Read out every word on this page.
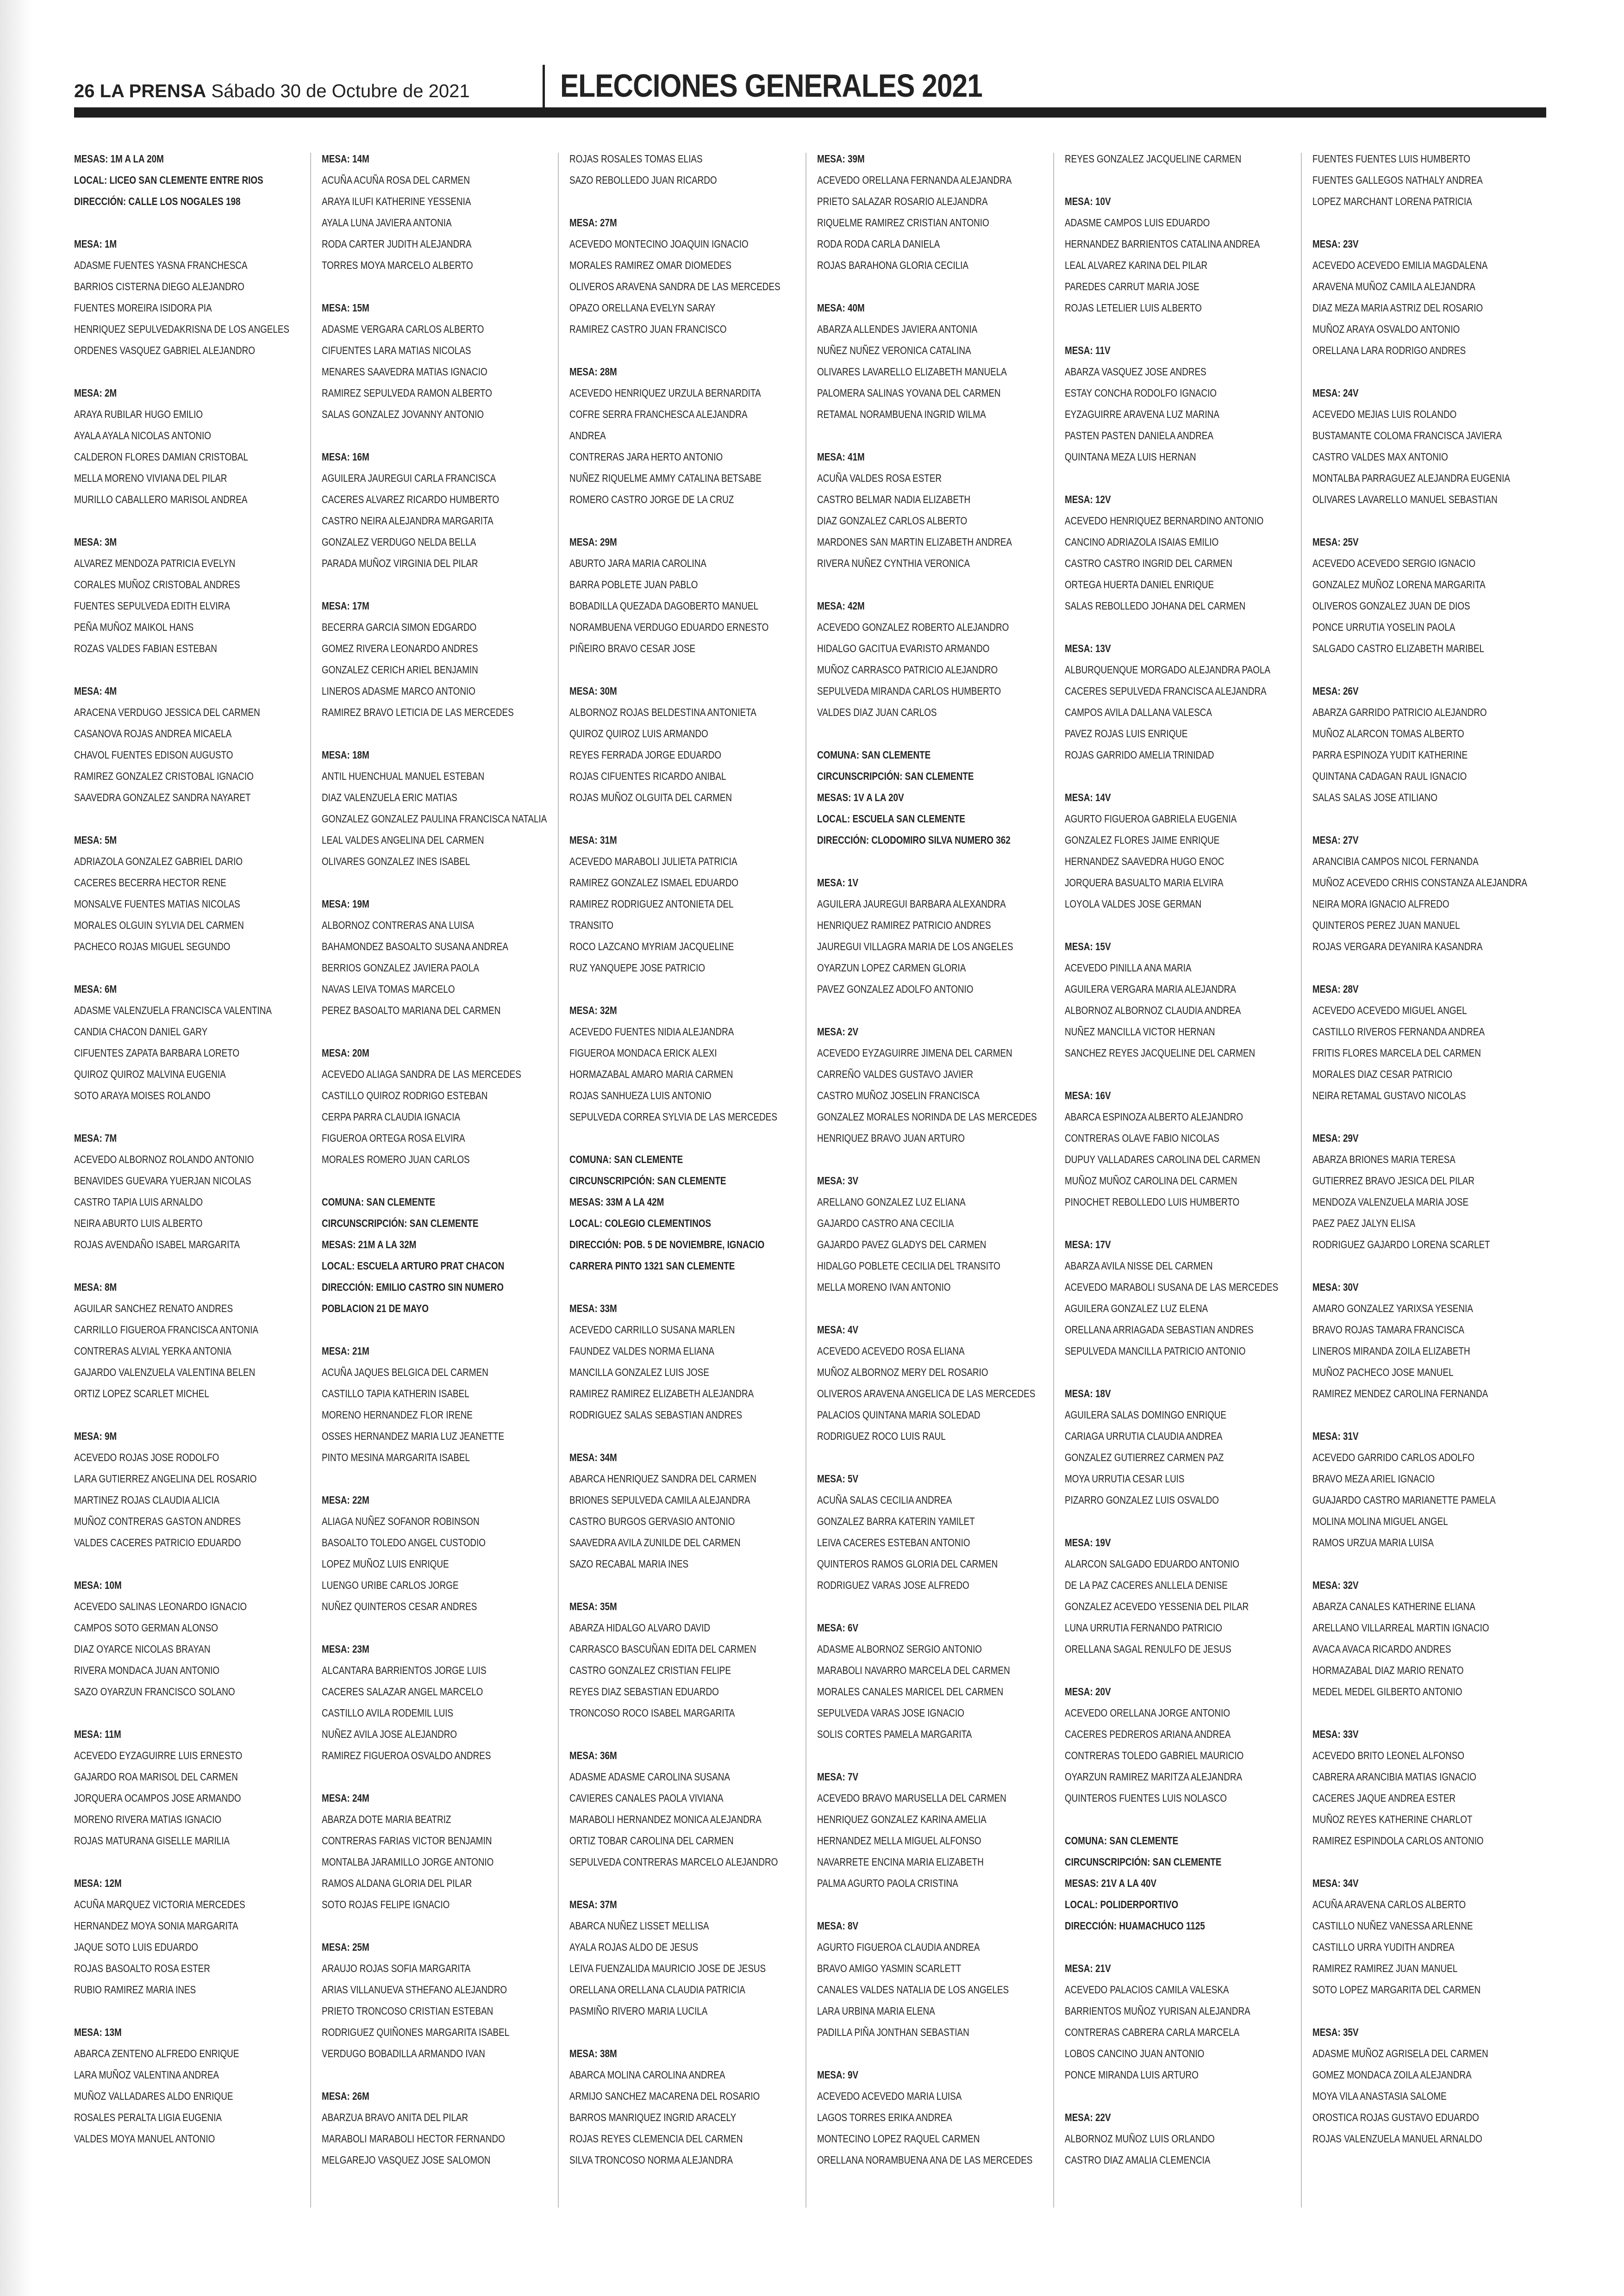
26 LA PRENSA Sábado 30 de Octubre de 2021	ELECCIONES GENERALES 2021
MESAS: 1M A LA 20M
LOCAL: LICEO SAN CLEMENTE ENTRE RIOS
DIRECCIÓN: CALLE LOS NOGALES 198
MESA: 1M
ADASME FUENTES YASNA FRANCHESCA
BARRIOS CISTERNA DIEGO ALEJANDRO
FUENTES MOREIRA ISIDORA PIA
HENRIQUEZ SEPULVEDAKRISNA DE LOS ANGELES
ORDENES VASQUEZ GABRIEL ALEJANDRO
MESA: 2M
ARAYA RUBILAR HUGO EMILIO
AYALA AYALA NICOLAS ANTONIO
CALDERON FLORES DAMIAN CRISTOBAL
MELLA MORENO VIVIANA DEL PILAR
MURILLO CABALLERO MARISOL ANDREA
MESA: 3M
ALVAREZ MENDOZA PATRICIA EVELYN
CORALES MUÑOZ CRISTOBAL ANDRES
FUENTES SEPULVEDA EDITH ELVIRA
PEÑA MUÑOZ MAIKOL HANS
ROZAS VALDES FABIAN ESTEBAN
MESA: 4M
ARACENA VERDUGO JESSICA DEL CARMEN
CASANOVA ROJAS ANDREA MICAELA
CHAVOL FUENTES EDISON AUGUSTO
RAMIREZ GONZALEZ CRISTOBAL IGNACIO
SAAVEDRA GONZALEZ SANDRA NAYARET
MESA: 5M
ADRIAZOLA GONZALEZ GABRIEL DARIO
CACERES BECERRA HECTOR RENE
MONSALVE FUENTES MATIAS NICOLAS
MORALES OLGUIN SYLVIA DEL CARMEN
PACHECO ROJAS MIGUEL SEGUNDO
MESA: 6M
ADASME VALENZUELA FRANCISCA VALENTINA
CANDIA CHACON DANIEL GARY
CIFUENTES ZAPATA BARBARA LORETO
QUIROZ QUIROZ MALVINA EUGENIA
SOTO ARAYA MOISES ROLANDO
MESA: 7M
ACEVEDO ALBORNOZ ROLANDO ANTONIO
BENAVIDES GUEVARA YUERJAN NICOLAS
CASTRO TAPIA LUIS ARNALDO
NEIRA ABURTO LUIS ALBERTO
ROJAS AVENDAÑO ISABEL MARGARITA
MESA: 8M
AGUILAR SANCHEZ RENATO ANDRES
CARRILLO FIGUEROA FRANCISCA ANTONIA
CONTRERAS ALVIAL YERKA ANTONIA
GAJARDO VALENZUELA VALENTINA BELEN
ORTIZ LOPEZ SCARLET MICHEL
MESA: 9M
ACEVEDO ROJAS JOSE RODOLFO
LARA GUTIERREZ ANGELINA DEL ROSARIO
MARTINEZ ROJAS CLAUDIA ALICIA
MUÑOZ CONTRERAS GASTON ANDRES
VALDES CACERES PATRICIO EDUARDO
MESA: 10M
ACEVEDO SALINAS LEONARDO IGNACIO
CAMPOS SOTO GERMAN ALONSO
DIAZ OYARCE NICOLAS BRAYAN
RIVERA MONDACA JUAN ANTONIO
SAZO OYARZUN FRANCISCO SOLANO
MESA: 11M
ACEVEDO EYZAGUIRRE LUIS ERNESTO
GAJARDO ROA MARISOL DEL CARMEN
JORQUERA OCAMPOS JOSE ARMANDO
MORENO RIVERA MATIAS IGNACIO
ROJAS MATURANA GISELLE MARILIA
MESA: 12M
ACUÑA MARQUEZ VICTORIA MERCEDES
HERNANDEZ MOYA SONIA MARGARITA
JAQUE SOTO LUIS EDUARDO
ROJAS BASOALTO ROSA ESTER
RUBIO RAMIREZ MARIA INES
MESA: 13M
ABARCA ZENTENO ALFREDO ENRIQUE
LARA MUÑOZ VALENTINA ANDREA
MUÑOZ VALLADARES ALDO ENRIQUE
ROSALES PERALTA LIGIA EUGENIA
VALDES MOYA MANUEL ANTONIO
MESA: 14M
ACUÑA ACUÑA ROSA DEL CARMEN
ARAYA ILUFI KATHERINE YESSENIA
AYALA LUNA JAVIERA ANTONIA
RODA CARTER JUDITH ALEJANDRA
TORRES MOYA MARCELO ALBERTO
MESA: 15M
ADASME VERGARA CARLOS ALBERTO
CIFUENTES LARA MATIAS NICOLAS
MENARES SAAVEDRA MATIAS IGNACIO
RAMIREZ SEPULVEDA RAMON ALBERTO
SALAS GONZALEZ JOVANNY ANTONIO
MESA: 16M
AGUILERA JAUREGUI CARLA FRANCISCA
CACERES ALVAREZ RICARDO HUMBERTO
CASTRO NEIRA ALEJANDRA MARGARITA
GONZALEZ VERDUGO NELDA BELLA
PARADA MUÑOZ VIRGINIA DEL PILAR
MESA: 17M
BECERRA GARCIA SIMON EDGARDO
GOMEZ RIVERA LEONARDO ANDRES
GONZALEZ CERICH ARIEL BENJAMIN
LINEROS ADASME MARCO ANTONIO
RAMIREZ BRAVO LETICIA DE LAS MERCEDES
MESA: 18M
ANTIL HUENCHUAL MANUEL ESTEBAN
DIAZ VALENZUELA ERIC MATIAS
GONZALEZ GONZALEZ PAULINA FRANCISCA NATALIA
LEAL VALDES ANGELINA DEL CARMEN
OLIVARES GONZALEZ INES ISABEL
MESA: 19M
ALBORNOZ CONTRERAS ANA LUISA
BAHAMONDEZ BASOALTO SUSANA ANDREA
BERRIOS GONZALEZ JAVIERA PAOLA
NAVAS LEIVA TOMAS MARCELO
PEREZ BASOALTO MARIANA DEL CARMEN
MESA: 20M
ACEVEDO ALIAGA SANDRA DE LAS MERCEDES
CASTILLO QUIROZ RODRIGO ESTEBAN
CERPA PARRA CLAUDIA IGNACIA
FIGUEROA ORTEGA ROSA ELVIRA
MORALES ROMERO JUAN CARLOS
COMUNA: SAN CLEMENTE
CIRCUNSCRIPCIÓN: SAN CLEMENTE
MESAS: 21M A LA 32M
LOCAL: ESCUELA ARTURO PRAT CHACON
DIRECCIÓN: EMILIO CASTRO SIN NUMERO
POBLACION 21 DE MAYO
MESA: 21M
ACUÑA JAQUES BELGICA DEL CARMEN
CASTILLO TAPIA KATHERIN ISABEL
MORENO HERNANDEZ FLOR IRENE
OSSES HERNANDEZ MARIA LUZ JEANETTE
PINTO MESINA MARGARITA ISABEL
MESA: 22M
ALIAGA NUÑEZ SOFANOR ROBINSON
BASOALTO TOLEDO ANGEL CUSTODIO
LOPEZ MUÑOZ LUIS ENRIQUE
LUENGO URIBE CARLOS JORGE
NUÑEZ QUINTEROS CESAR ANDRES
MESA: 23M
ALCANTARA BARRIENTOS JORGE LUIS
CACERES SALAZAR ANGEL MARCELO
CASTILLO AVILA RODEMIL LUIS
NUÑEZ AVILA JOSE ALEJANDRO
RAMIREZ FIGUEROA OSVALDO ANDRES
MESA: 24M
ABARZA DOTE MARIA BEATRIZ
CONTRERAS FARIAS VICTOR BENJAMIN
MONTALBA JARAMILLO JORGE ANTONIO
RAMOS ALDANA GLORIA DEL PILAR
SOTO ROJAS FELIPE IGNACIO
MESA: 25M
ARAUJO ROJAS SOFIA MARGARITA
ARIAS VILLANUEVA STHEFANO ALEJANDRO
PRIETO TRONCOSO CRISTIAN ESTEBAN
RODRIGUEZ QUIÑONES MARGARITA ISABEL
VERDUGO BOBADILLA ARMANDO IVAN
MESA: 26M
ABARZUA BRAVO ANITA DEL PILAR
MARABOLI MARABOLI HECTOR FERNANDO
MELGAREJO VASQUEZ JOSE SALOMON
ROJAS ROSALES TOMAS ELIAS
SAZO REBOLLEDO JUAN RICARDO
MESA: 27M
ACEVEDO MONTECINO JOAQUIN IGNACIO
MORALES RAMIREZ OMAR DIOMEDES
OLIVEROS ARAVENA SANDRA DE LAS MERCEDES
OPAZO ORELLANA EVELYN SARAY
RAMIREZ CASTRO JUAN FRANCISCO
MESA: 28M
ACEVEDO HENRIQUEZ URZULA BERNARDITA
COFRE SERRA FRANCHESCA ALEJANDRA
ANDREA
CONTRERAS JARA HERTO ANTONIO
NUÑEZ RIQUELME AMMY CATALINA BETSABE
ROMERO CASTRO JORGE DE LA CRUZ
MESA: 29M
ABURTO JARA MARIA CAROLINA
BARRA POBLETE JUAN PABLO
BOBADILLA QUEZADA DAGOBERTO MANUEL
NORAMBUENA VERDUGO EDUARDO ERNESTO
PIÑEIRO BRAVO CESAR JOSE
MESA: 30M
ALBORNOZ ROJAS BELDESTINA ANTONIETA
QUIROZ QUIROZ LUIS ARMANDO
REYES FERRADA JORGE EDUARDO
ROJAS CIFUENTES RICARDO ANIBAL
ROJAS MUÑOZ OLGUITA DEL CARMEN
MESA: 31M
ACEVEDO MARABOLI JULIETA PATRICIA
RAMIREZ GONZALEZ ISMAEL EDUARDO
RAMIREZ RODRIGUEZ ANTONIETA DEL
TRANSITO
ROCO LAZCANO MYRIAM JACQUELINE
RUZ YANQUEPE JOSE PATRICIO
MESA: 32M
ACEVEDO FUENTES NIDIA ALEJANDRA
FIGUEROA MONDACA ERICK ALEXI
HORMAZABAL AMARO MARIA CARMEN
ROJAS SANHUEZA LUIS ANTONIO
SEPULVEDA CORREA SYLVIA DE LAS MERCEDES
COMUNA: SAN CLEMENTE
CIRCUNSCRIPCIÓN: SAN CLEMENTE
MESAS: 33M A LA 42M
LOCAL: COLEGIO CLEMENTINOS
DIRECCIÓN: POB. 5 DE NOVIEMBRE, IGNACIO
CARRERA PINTO 1321 SAN CLEMENTE
MESA: 33M
ACEVEDO CARRILLO SUSANA MARLEN
FAUNDEZ VALDES NORMA ELIANA
MANCILLA GONZALEZ LUIS JOSE
RAMIREZ RAMIREZ ELIZABETH ALEJANDRA
RODRIGUEZ SALAS SEBASTIAN ANDRES
MESA: 34M
ABARCA HENRIQUEZ SANDRA DEL CARMEN
BRIONES SEPULVEDA CAMILA ALEJANDRA
CASTRO BURGOS GERVASIO ANTONIO
SAAVEDRA AVILA ZUNILDE DEL CARMEN
SAZO RECABAL MARIA INES
MESA: 35M
ABARZA HIDALGO ALVARO DAVID
CARRASCO BASCUÑAN EDITA DEL CARMEN
CASTRO GONZALEZ CRISTIAN FELIPE
REYES DIAZ SEBASTIAN EDUARDO
TRONCOSO ROCO ISABEL MARGARITA
MESA: 36M
ADASME ADASME CAROLINA SUSANA
CAVIERES CANALES PAOLA VIVIANA
MARABOLI HERNANDEZ MONICA ALEJANDRA
ORTIZ TOBAR CAROLINA DEL CARMEN
SEPULVEDA CONTRERAS MARCELO ALEJANDRO
MESA: 37M
ABARCA NUÑEZ LISSET MELLISA
AYALA ROJAS ALDO DE JESUS
LEIVA FUENZALIDA MAURICIO JOSE DE JESUS
ORELLANA ORELLANA CLAUDIA PATRICIA
PASMIÑO RIVERO MARIA LUCILA
MESA: 38M
ABARCA MOLINA CAROLINA ANDREA
ARMIJO SANCHEZ MACARENA DEL ROSARIO
BARROS MANRIQUEZ INGRID ARACELY
ROJAS REYES CLEMENCIA DEL CARMEN
SILVA TRONCOSO NORMA ALEJANDRA
MESA: 39M
ACEVEDO ORELLANA FERNANDA ALEJANDRA
PRIETO SALAZAR ROSARIO ALEJANDRA
RIQUELME RAMIREZ CRISTIAN ANTONIO
RODA RODA CARLA DANIELA
ROJAS BARAHONA GLORIA CECILIA
MESA: 40M
ABARZA ALLENDES JAVIERA ANTONIA
NUÑEZ NUÑEZ VERONICA CATALINA
OLIVARES LAVARELLO ELIZABETH MANUELA
PALOMERA SALINAS YOVANA DEL CARMEN
RETAMAL NORAMBUENA INGRID WILMA
MESA: 41M
ACUÑA VALDES ROSA ESTER
CASTRO BELMAR NADIA ELIZABETH
DIAZ GONZALEZ CARLOS ALBERTO
MARDONES SAN MARTIN ELIZABETH ANDREA
RIVERA NUÑEZ CYNTHIA VERONICA
MESA: 42M
ACEVEDO GONZALEZ ROBERTO ALEJANDRO
HIDALGO GACITUA EVARISTO ARMANDO
MUÑOZ CARRASCO PATRICIO ALEJANDRO
SEPULVEDA MIRANDA CARLOS HUMBERTO
VALDES DIAZ JUAN CARLOS
COMUNA: SAN CLEMENTE
CIRCUNSCRIPCIÓN: SAN CLEMENTE
MESAS: 1V A LA 20V
LOCAL: ESCUELA SAN CLEMENTE
DIRECCIÓN: CLODOMIRO SILVA NUMERO 362
MESA: 1V
AGUILERA JAUREGUI BARBARA ALEXANDRA
HENRIQUEZ RAMIREZ PATRICIO ANDRES
JAUREGUI VILLAGRA MARIA DE LOS ANGELES
OYARZUN LOPEZ CARMEN GLORIA
PAVEZ GONZALEZ ADOLFO ANTONIO
MESA: 2V
ACEVEDO EYZAGUIRRE JIMENA DEL CARMEN
CARREÑO VALDES GUSTAVO JAVIER
CASTRO MUÑOZ JOSELIN FRANCISCA
GONZALEZ MORALES NORINDA DE LAS MERCEDES
HENRIQUEZ BRAVO JUAN ARTURO
MESA: 3V
ARELLANO GONZALEZ LUZ ELIANA
GAJARDO CASTRO ANA CECILIA
GAJARDO PAVEZ GLADYS DEL CARMEN
HIDALGO POBLETE CECILIA DEL TRANSITO
MELLA MORENO IVAN ANTONIO
MESA: 4V
ACEVEDO ACEVEDO ROSA ELIANA
MUÑOZ ALBORNOZ MERY DEL ROSARIO
OLIVEROS ARAVENA ANGELICA DE LAS MERCEDES
PALACIOS QUINTANA MARIA SOLEDAD
RODRIGUEZ ROCO LUIS RAUL
MESA: 5V
ACUÑA SALAS CECILIA ANDREA
GONZALEZ BARRA KATERIN YAMILET
LEIVA CACERES ESTEBAN ANTONIO
QUINTEROS RAMOS GLORIA DEL CARMEN
RODRIGUEZ VARAS JOSE ALFREDO
MESA: 6V
ADASME ALBORNOZ SERGIO ANTONIO
MARABOLI NAVARRO MARCELA DEL CARMEN
MORALES CANALES MARICEL DEL CARMEN
SEPULVEDA VARAS JOSE IGNACIO
SOLIS CORTES PAMELA MARGARITA
MESA: 7V
ACEVEDO BRAVO MARUSELLA DEL CARMEN
HENRIQUEZ GONZALEZ KARINA AMELIA
HERNANDEZ MELLA MIGUEL ALFONSO
NAVARRETE ENCINA MARIA ELIZABETH
PALMA AGURTO PAOLA CRISTINA
MESA: 8V
AGURTO FIGUEROA CLAUDIA ANDREA
BRAVO AMIGO YASMIN SCARLETT
CANALES VALDES NATALIA DE LOS ANGELES
LARA URBINA MARIA ELENA
PADILLA PIÑA JONTHAN SEBASTIAN
MESA: 9V
ACEVEDO ACEVEDO MARIA LUISA
LAGOS TORRES ERIKA ANDREA
MONTECINO LOPEZ RAQUEL CARMEN
ORELLANA NORAMBUENA ANA DE LAS MERCEDES
REYES GONZALEZ JACQUELINE CARMEN
MESA: 10V
ADASME CAMPOS LUIS EDUARDO
HERNANDEZ BARRIENTOS CATALINA ANDREA
LEAL ALVAREZ KARINA DEL PILAR
PAREDES CARRUT MARIA JOSE
ROJAS LETELIER LUIS ALBERTO
MESA: 11V
ABARZA VASQUEZ JOSE ANDRES
ESTAY CONCHA RODOLFO IGNACIO
EYZAGUIRRE ARAVENA LUZ MARINA
PASTEN PASTEN DANIELA ANDREA
QUINTANA MEZA LUIS HERNAN
MESA: 12V
ACEVEDO HENRIQUEZ BERNARDINO ANTONIO
CANCINO ADRIAZOLA ISAIAS EMILIO
CASTRO CASTRO INGRID DEL CARMEN
ORTEGA HUERTA DANIEL ENRIQUE
SALAS REBOLLEDO JOHANA DEL CARMEN
MESA: 13V
ALBURQUENQUE MORGADO ALEJANDRA PAOLA
CACERES SEPULVEDA FRANCISCA ALEJANDRA
CAMPOS AVILA DALLANA VALESCA
PAVEZ ROJAS LUIS ENRIQUE
ROJAS GARRIDO AMELIA TRINIDAD
MESA: 14V
AGURTO FIGUEROA GABRIELA EUGENIA
GONZALEZ FLORES JAIME ENRIQUE
HERNANDEZ SAAVEDRA HUGO ENOC
JORQUERA BASUALTO MARIA ELVIRA
LOYOLA VALDES JOSE GERMAN
MESA: 15V
ACEVEDO PINILLA ANA MARIA
AGUILERA VERGARA MARIA ALEJANDRA
ALBORNOZ ALBORNOZ CLAUDIA ANDREA
NUÑEZ MANCILLA VICTOR HERNAN
SANCHEZ REYES JACQUELINE DEL CARMEN
MESA: 16V
ABARCA ESPINOZA ALBERTO ALEJANDRO
CONTRERAS OLAVE FABIO NICOLAS
DUPUY VALLADARES CAROLINA DEL CARMEN
MUÑOZ MUÑOZ CAROLINA DEL CARMEN
PINOCHET REBOLLEDO LUIS HUMBERTO
MESA: 17V
ABARZA AVILA NISSE DEL CARMEN
ACEVEDO MARABOLI SUSANA DE LAS MERCEDES
AGUILERA GONZALEZ LUZ ELENA
ORELLANA ARRIAGADA SEBASTIAN ANDRES
SEPULVEDA MANCILLA PATRICIO ANTONIO
MESA: 18V
AGUILERA SALAS DOMINGO ENRIQUE
CARIAGA URRUTIA CLAUDIA ANDREA
GONZALEZ GUTIERREZ CARMEN PAZ
MOYA URRUTIA CESAR LUIS
PIZARRO GONZALEZ LUIS OSVALDO
MESA: 19V
ALARCON SALGADO EDUARDO ANTONIO
DE LA PAZ CACERES ANLLELA DENISE
GONZALEZ ACEVEDO YESSENIA DEL PILAR
LUNA URRUTIA FERNANDO PATRICIO
ORELLANA SAGAL RENULFO DE JESUS
MESA: 20V
ACEVEDO ORELLANA JORGE ANTONIO
CACERES PEDREROS ARIANA ANDREA
CONTRERAS TOLEDO GABRIEL MAURICIO
OYARZUN RAMIREZ MARITZA ALEJANDRA
QUINTEROS FUENTES LUIS NOLASCO
COMUNA: SAN CLEMENTE
CIRCUNSCRIPCIÓN: SAN CLEMENTE
MESAS: 21V A LA 40V
LOCAL: POLIDERPORTIVO
DIRECCIÓN: HUAMACHUCO 1125
MESA: 21V
ACEVEDO PALACIOS CAMILA VALESKA
BARRIENTOS MUÑOZ YURISAN ALEJANDRA
CONTRERAS CABRERA CARLA MARCELA
LOBOS CANCINO JUAN ANTONIO
PONCE MIRANDA LUIS ARTURO
MESA: 22V
ALBORNOZ MUÑOZ LUIS ORLANDO
CASTRO DIAZ AMALIA CLEMENCIA
FUENTES FUENTES LUIS HUMBERTO
FUENTES GALLEGOS NATHALY ANDREA
LOPEZ MARCHANT LORENA PATRICIA
MESA: 23V
ACEVEDO ACEVEDO EMILIA MAGDALENA
ARAVENA MUÑOZ CAMILA ALEJANDRA
DIAZ MEZA MARIA ASTRIZ DEL ROSARIO
MUÑOZ ARAYA OSVALDO ANTONIO
ORELLANA LARA RODRIGO ANDRES
MESA: 24V
ACEVEDO MEJIAS LUIS ROLANDO
BUSTAMANTE COLOMA FRANCISCA JAVIERA
CASTRO VALDES MAX ANTONIO
MONTALBA PARRAGUEZ ALEJANDRA EUGENIA
OLIVARES LAVARELLO MANUEL SEBASTIAN
MESA: 25V
ACEVEDO ACEVEDO SERGIO IGNACIO
GONZALEZ MUÑOZ LORENA MARGARITA
OLIVEROS GONZALEZ JUAN DE DIOS
PONCE URRUTIA YOSELIN PAOLA
SALGADO CASTRO ELIZABETH MARIBEL
MESA: 26V
ABARZA GARRIDO PATRICIO ALEJANDRO
MUÑOZ ALARCON TOMAS ALBERTO
PARRA ESPINOZA YUDIT KATHERINE
QUINTANA CADAGAN RAUL IGNACIO
SALAS SALAS JOSE ATILIANO
MESA: 27V
ARANCIBIA CAMPOS NICOL FERNANDA
MUÑOZ ACEVEDO CRHIS CONSTANZA ALEJANDRA
NEIRA MORA IGNACIO ALFREDO
QUINTEROS PEREZ JUAN MANUEL
ROJAS VERGARA DEYANIRA KASANDRA
MESA: 28V
ACEVEDO ACEVEDO MIGUEL ANGEL
CASTILLO RIVEROS FERNANDA ANDREA
FRITIS FLORES MARCELA DEL CARMEN
MORALES DIAZ CESAR PATRICIO
NEIRA RETAMAL GUSTAVO NICOLAS
MESA: 29V
ABARZA BRIONES MARIA TERESA
GUTIERREZ BRAVO JESICA DEL PILAR
MENDOZA VALENZUELA MARIA JOSE
PAEZ PAEZ JALYN ELISA
RODRIGUEZ GAJARDO LORENA SCARLET
MESA: 30V
AMARO GONZALEZ YARIXSA YESENIA
BRAVO ROJAS TAMARA FRANCISCA
LINEROS MIRANDA ZOILA ELIZABETH
MUÑOZ PACHECO JOSE MANUEL
RAMIREZ MENDEZ CAROLINA FERNANDA
MESA: 31V
ACEVEDO GARRIDO CARLOS ADOLFO
BRAVO MEZA ARIEL IGNACIO
GUAJARDO CASTRO MARIANETTE PAMELA
MOLINA MOLINA MIGUEL ANGEL
RAMOS URZUA MARIA LUISA
MESA: 32V
ABARZA CANALES KATHERINE ELIANA
ARELLANO VILLARREAL MARTIN IGNACIO
AVACA AVACA RICARDO ANDRES
HORMAZABAL DIAZ MARIO RENATO
MEDEL MEDEL GILBERTO ANTONIO
MESA: 33V
ACEVEDO BRITO LEONEL ALFONSO
CABRERA ARANCIBIA MATIAS IGNACIO
CACERES JAQUE ANDREA ESTER
MUÑOZ REYES KATHERINE CHARLOT
RAMIREZ ESPINDOLA CARLOS ANTONIO
MESA: 34V
ACUÑA ARAVENA CARLOS ALBERTO
CASTILLO NUÑEZ VANESSA ARLENNE
CASTILLO URRA YUDITH ANDREA
RAMIREZ RAMIREZ JUAN MANUEL
SOTO LOPEZ MARGARITA DEL CARMEN
MESA: 35V
ADASME MUÑOZ AGRISELA DEL CARMEN
GOMEZ MONDACA ZOILA ALEJANDRA
MOYA VILA ANASTASIA SALOME
OROSTICA ROJAS GUSTAVO EDUARDO
ROJAS VALENZUELA MANUEL ARNALDO
